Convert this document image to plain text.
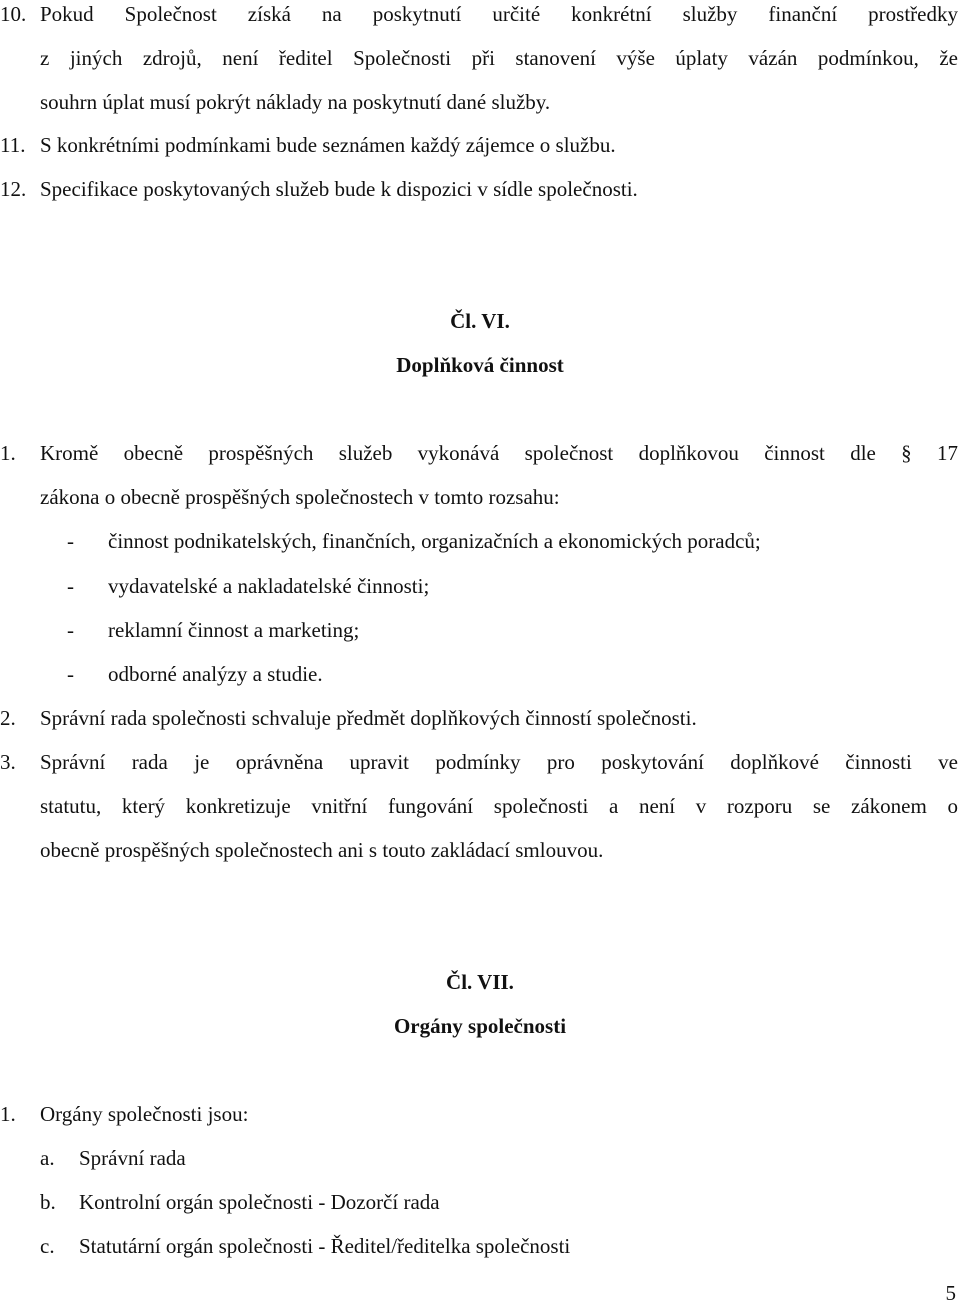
10. Pokud Společnost získá na poskytnutí určité konkrétní služby finanční prostředky
z jiných zdrojů, není ředitel Společnosti při stanovení výše úplaty vázán podmínkou, že
souhrn úplat musí pokrýt náklady na poskytnutí dané služby.
11. S konkrétními podmínkami bude seznámen každý zájemce o službu.
12. Specifikace poskytovaných služeb bude k dispozici v sídle společnosti.
Čl. VI.
Doplňková činnost
1. Kromě obecně prospěšných služeb vykonává společnost doplňkovou činnost dle § 17
zákona o obecně prospěšných společnostech v tomto rozsahu:
- činnost podnikatelských, finančních, organizačních a ekonomických poradců;
- vydavatelské a nakladatelské činnosti;
- reklamní činnost a marketing;
- odborné analýzy a studie.
2. Správní rada společnosti schvaluje předmět doplňkových činností společnosti.
3. Správní rada je oprávněna upravit podmínky pro poskytování doplňkové činnosti ve
statutu, který konkretizuje vnitřní fungování společnosti a není v rozporu se zákonem o
obecně prospěšných společnostech ani s touto zakládací smlouvou.
Čl. VII.
Orgány společnosti
1. Orgány společnosti jsou:
a. Správní rada
b. Kontrolní orgán společnosti - Dozorčí rada
c. Statutární orgán společnosti - Ředitel/ředitelka společnosti
5
